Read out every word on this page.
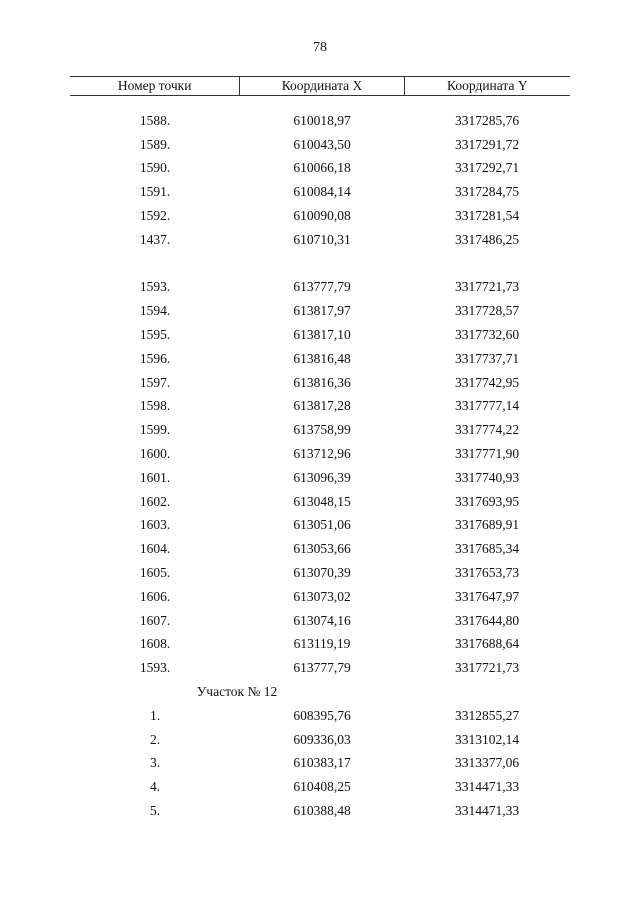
78
Номер точки	Координата X	Координата Y
1588.	610018,97	3317285,76
1589.	610043,50	3317291,72
1590.	610066,18	3317292,71
1591.	610084,14	3317284,75
1592.	610090,08	3317281,54
1437.	610710,31	3317486,25
1593.	613777,79	3317721,73
1594.	613817,97	3317728,57
1595.	613817,10	3317732,60
1596.	613816,48	3317737,71
1597.	613816,36	3317742,95
1598.	613817,28	3317777,14
1599.	613758,99	3317774,22
1600.	613712,96	3317771,90
1601.	613096,39	3317740,93
1602.	613048,15	3317693,95
1603.	613051,06	3317689,91
1604.	613053,66	3317685,34
1605.	613070,39	3317653,73
1606.	613073,02	3317647,97
1607.	613074,16	3317644,80
1608.	613119,19	3317688,64
1593.	613777,79	3317721,73
Участок № 12
1.	608395,76	3312855,27
2.	609336,03	3313102,14
3.	610383,17	3313377,06
4.	610408,25	3314471,33
5.	610388,48	3314471,33
